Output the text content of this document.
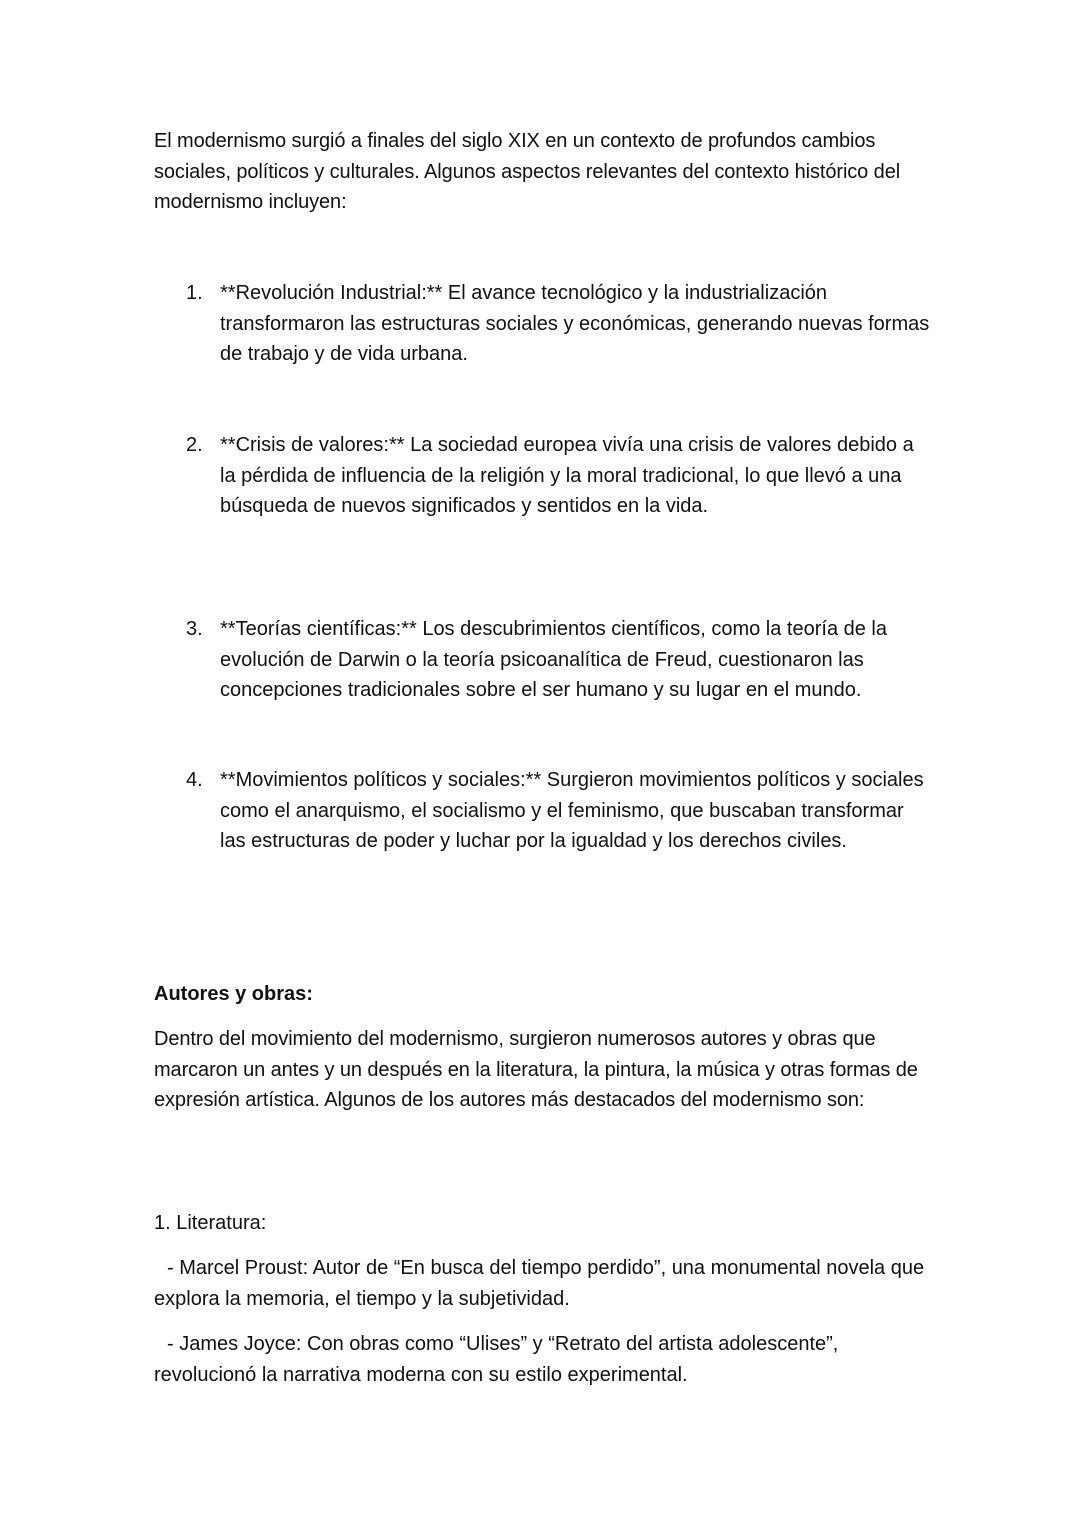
El modernismo surgió a finales del siglo XIX en un contexto de profundos cambios sociales, políticos y culturales. Algunos aspectos relevantes del contexto histórico del modernismo incluyen:

1. **Revolución Industrial:** El avance tecnológico y la industrialización transformaron las estructuras sociales y económicas, generando nuevas formas de trabajo y de vida urbana.
2. **Crisis de valores:** La sociedad europea vivía una crisis de valores debido a la pérdida de influencia de la religión y la moral tradicional, lo que llevó a una búsqueda de nuevos significados y sentidos en la vida.
3. **Teorías científicas:** Los descubrimientos científicos, como la teoría de la evolución de Darwin o la teoría psicoanalítica de Freud, cuestionaron las concepciones tradicionales sobre el ser humano y su lugar en el mundo.
4. **Movimientos políticos y sociales:** Surgieron movimientos políticos y sociales como el anarquismo, el socialismo y el feminismo, que buscaban transformar las estructuras de poder y luchar por la igualdad y los derechos civiles.
Autores y obras:

Dentro del movimiento del modernismo, surgieron numerosos autores y obras que marcaron un antes y un después en la literatura, la pintura, la música y otras formas de expresión artística. Algunos de los autores más destacados del modernismo son:

1. Literatura:

- Marcel Proust: Autor de “En busca del tiempo perdido”, una monumental novela que explora la memoria, el tiempo y la subjetividad.

- James Joyce: Con obras como “Ulises” y “Retrato del artista adolescente”, revolucionó la narrativa moderna con su estilo experimental.
